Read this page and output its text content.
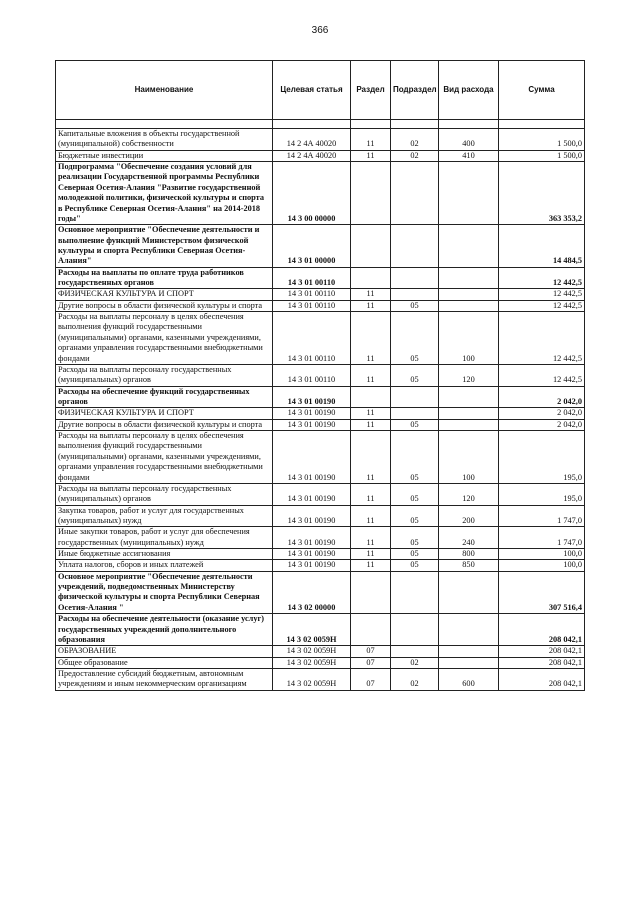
366
Наименование	Целевая статья	Раздел	Подраздел	Вид расхода	Сумма

Капитальные вложения в объекты государственной (муниципальной) собственности	14 2 4А 40020	11	02	400	1 500,0
Бюджетные инвестиции	14 2 4А 40020	11	02	410	1 500,0
Подпрограмма "Обеспечение создания условий для реализации Государственной программы Республики Северная Осетия-Алания "Развитие государственной молодежной политики, физической культуры и спорта в Республике Северная Осетия-Алания" на 2014-2018 годы"	14 3 00 00000				363 353,2
Основное мероприятие "Обеспечение деятельности и выполнение функций Министерством физической культуры и спорта Республики Северная Осетия-Алания"	14 3 01 00000				14 484,5
Расходы на выплаты по оплате труда работников государственных органов	14 3 01 00110				12 442,5
ФИЗИЧЕСКАЯ КУЛЬТУРА И СПОРТ	14 3 01 00110	11			12 442,5
Другие вопросы в области физической культуры и спорта	14 3 01 00110	11	05		12 442,5
Расходы на выплаты персоналу в целях обеспечения выполнения функций государственными (муниципальными) органами, казенными учреждениями, органами управления государственными внебюджетными фондами	14 3 01 00110	11	05	100	12 442,5
Расходы на выплаты персоналу государственных (муниципальных) органов	14 3 01 00110	11	05	120	12 442,5
Расходы на обеспечение функций государственных органов	14 3 01 00190				2 042,0
ФИЗИЧЕСКАЯ КУЛЬТУРА И СПОРТ	14 3 01 00190	11			2 042,0
Другие вопросы в области физической культуры и спорта	14 3 01 00190	11	05		2 042,0
Расходы на выплаты персоналу в целях обеспечения выполнения функций государственными (муниципальными) органами, казенными учреждениями, органами управления государственными внебюджетными фондами	14 3 01 00190	11	05	100	195,0
Расходы на выплаты персоналу государственных (муниципальных) органов	14 3 01 00190	11	05	120	195,0
Закупка товаров, работ и услуг для государственных (муниципальных) нужд	14 3 01 00190	11	05	200	1 747,0
Иные закупки товаров, работ и услуг для обеспечения государственных (муниципальных) нужд	14 3 01 00190	11	05	240	1 747,0
Иные бюджетные ассигнования	14 3 01 00190	11	05	800	100,0
Уплата налогов, сборов и иных платежей	14 3 01 00190	11	05	850	100,0
Основное мероприятие "Обеспечение деятельности учреждений, подведомственных Министерству физической культуры и спорта Республики Северная Осетия-Алания "	14 3 02 00000				307 516,4
Расходы на обеспечение деятельности (оказание услуг) государственных учреждений дополнительного образования	14 3 02 0059Н				208 042,1
ОБРАЗОВАНИЕ	14 3 02 0059Н	07			208 042,1
Общее образование	14 3 02 0059Н	07	02		208 042,1
Предоставление субсидий бюджетным, автономным учреждениям и иным некоммерческим организациям	14 3 02 0059Н	07	02	600	208 042,1
